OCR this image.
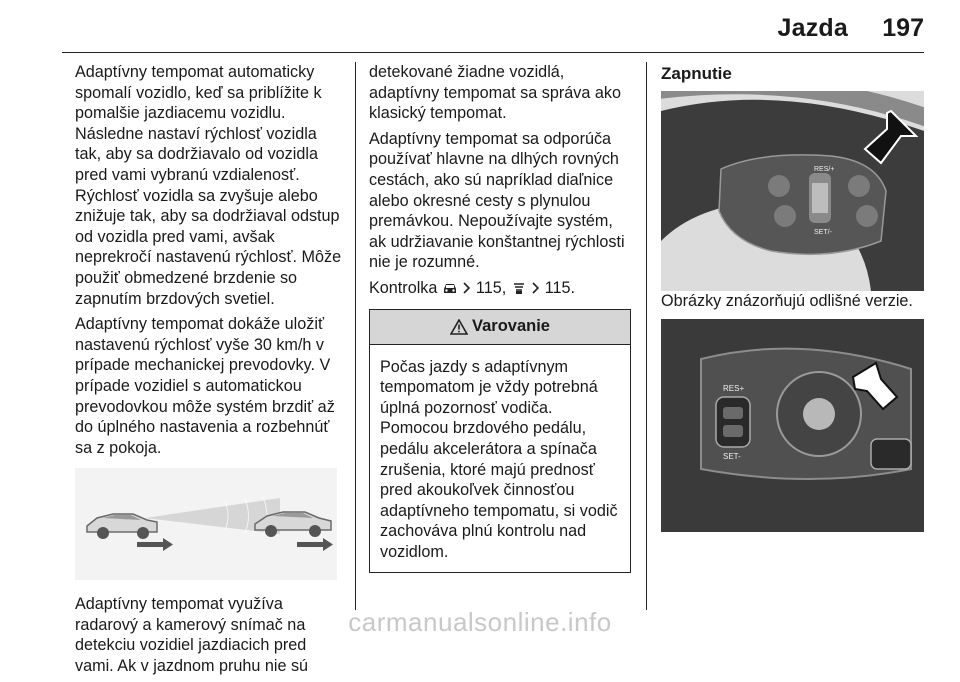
Jazda 197

Adaptívny tempomat automaticky spomalí vozidlo, keď sa priblížite k pomalšie jazdiacemu vozidlu. Následne nastaví rýchlosť vozidla tak, aby sa dodržiavalo od vozidla pred vami vybranú vzdialenosť. Rýchlosť vozidla sa zvyšuje alebo znižuje tak, aby sa dodržiaval odstup od vozidla pred vami, avšak neprekročí nastavenú rýchlosť. Môže použiť obmedzené brzdenie so zapnutím brzdových svetiel.

Adaptívny tempomat dokáže uložiť nastavenú rýchlosť vyše 30 km/h v prípade mechanickej prevodovky. V prípade vozidiel s automatickou prevodovkou môže systém brzdiť až do úplného nastavenia a rozbehnúť sa z pokoja.

Adaptívny tempomat využíva radarový a kamerový snímač na detekciu vozidiel jazdiacich pred vami. Ak v jazdnom pruhu nie sú

detekované žiadne vozidlá, adaptívny tempomat sa správa ako klasický tempomat.

Adaptívny tempomat sa odporúča používať hlavne na dlhých rovných cestách, ako sú napríklad diaľnice alebo okresné cesty s plynulou premávkou. Nepoužívajte systém, ak udržiavanie konštantnej rýchlosti nie je rozumné.

Kontrolka 115, 115.

Varovanie
Počas jazdy s adaptívnym tempomatom je vždy potrebná úplná pozornosť vodiča. Pomocou brzdového pedálu, pedálu akcelerátora a spínača zrušenia, ktoré majú prednosť pred akoukoľvek činnosťou adaptívneho tempomatu, si vodič zachováva plnú kontrolu nad vozidlom.
Zapnutie
RES/+
SET/-

Obrázky znázorňujú odlišné verzie.

RES+
SET-
carmanualsonline.info
